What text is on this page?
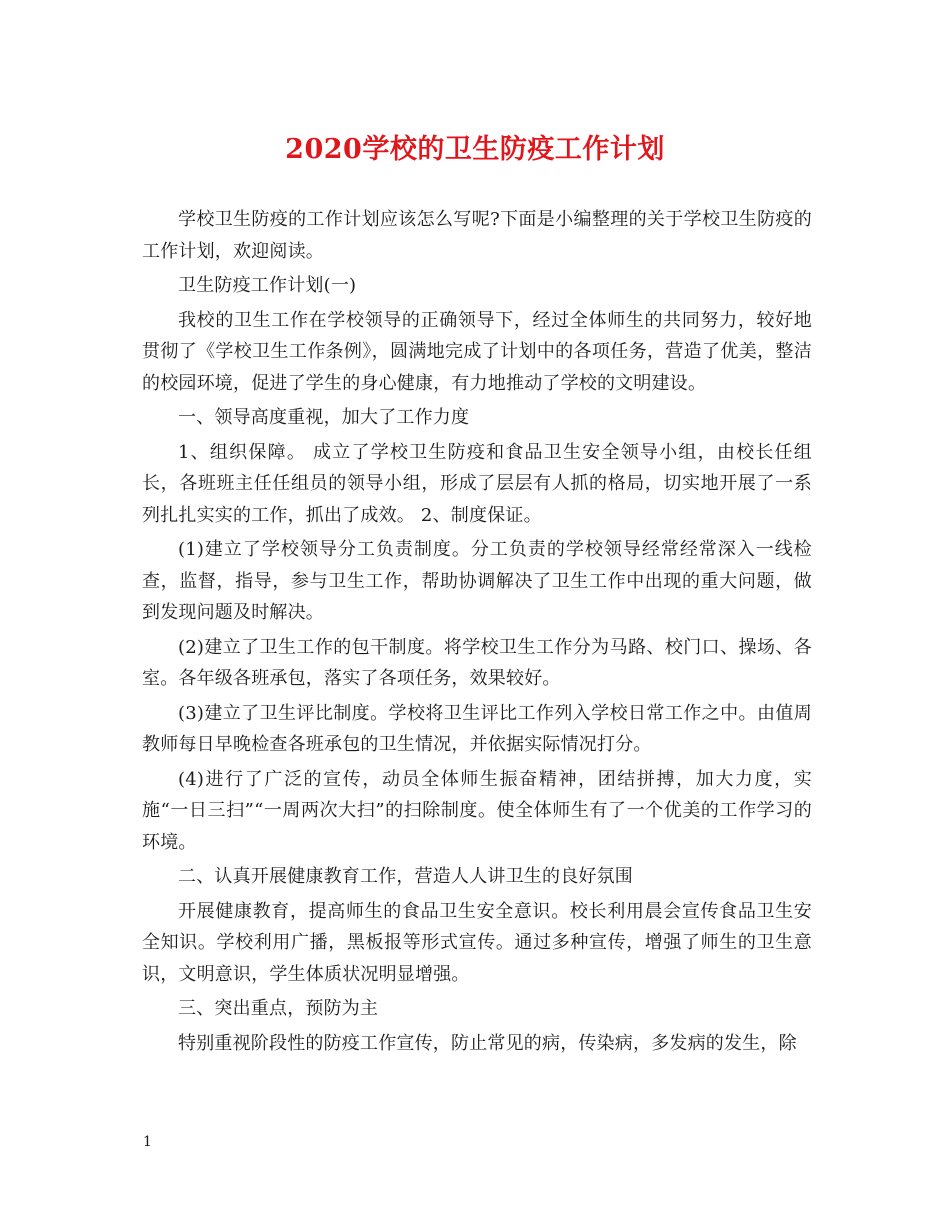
2020学校的卫生防疫工作计划

学校卫生防疫的工作计划应该怎么写呢?下面是小编整理的关于学校卫生防疫的工作计划，欢迎阅读。

卫生防疫工作计划(一)

我校的卫生工作在学校领导的正确领导下，经过全体师生的共同努力，较好地贯彻了《学校卫生工作条例》，圆满地完成了计划中的各项任务，营造了优美，整洁的校园环境，促进了学生的身心健康，有力地推动了学校的文明建设。

一、领导高度重视，加大了工作力度

1、组织保障。 成立了学校卫生防疫和食品卫生安全领导小组，由校长任组长，各班班主任任组员的领导小组，形成了层层有人抓的格局，切实地开展了一系列扎扎实实的工作，抓出了成效。 2、制度保证。

(1)建立了学校领导分工负责制度。分工负责的学校领导经常经常深入一线检查，监督，指导，参与卫生工作，帮助协调解决了卫生工作中出现的重大问题，做到发现问题及时解决。

(2)建立了卫生工作的包干制度。将学校卫生工作分为马路、校门口、操场、各室。各年级各班承包，落实了各项任务，效果较好。

(3)建立了卫生评比制度。学校将卫生评比工作列入学校日常工作之中。由值周教师每日早晚检查各班承包的卫生情况，并依据实际情况打分。

(4)进行了广泛的宣传，动员全体师生振奋精神，团结拼搏，加大力度，实施“一日三扫”“一周两次大扫”的扫除制度。使全体师生有了一个优美的工作学习的环境。

二、认真开展健康教育工作，营造人人讲卫生的良好氛围

开展健康教育，提高师生的食品卫生安全意识。校长利用晨会宣传食品卫生安全知识。学校利用广播，黑板报等形式宣传。通过多种宣传，增强了师生的卫生意识，文明意识，学生体质状况明显增强。

三、突出重点，预防为主

特别重视阶段性的防疫工作宣传，防止常见的病，传染病，多发病的发生，除

1
